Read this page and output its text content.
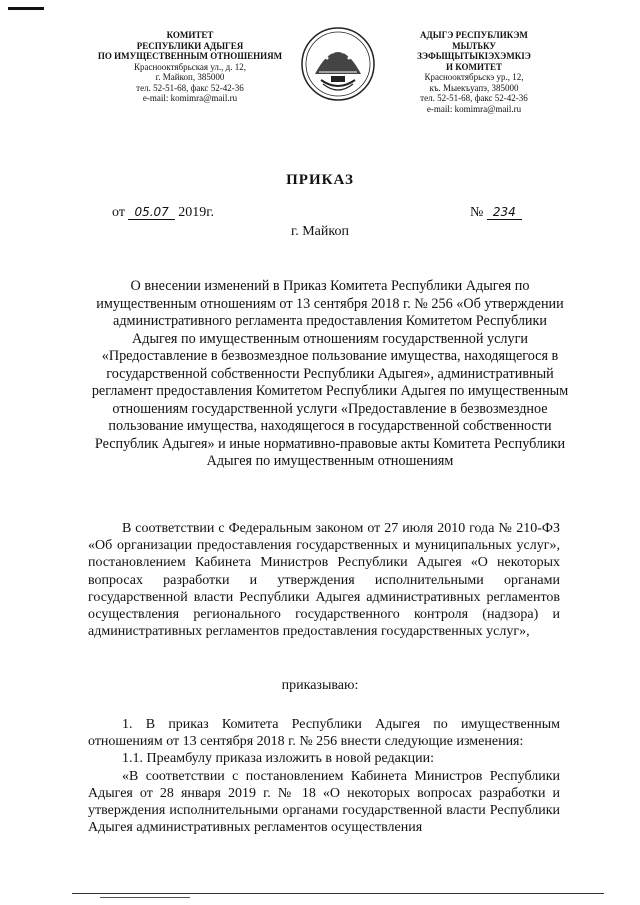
КОМИТЕТ
РЕСПУБЛИКИ АДЫГЕЯ
ПО ИМУЩЕСТВЕННЫМ ОТНОШЕНИЯМ
Краснооктябрьская ул., д. 12,
г. Майкоп, 385000
тел. 52-51-68, факс 52-42-36
e-mail: komimra@mail.ru
АДЫГЭ РЕСПУБЛИКЭМ
МЫЛЪКУ ЗЭФЫЩЫТЫКІЭХЭМКІЭ
И КОМИТЕТ
Краснооктябрьскэ ур., 12,
къ. Мыекъуапэ, 385000
тел. 52-51-68, факс 52-42-36
e-mail: komimra@mail.ru
ПРИКАЗ
от 05.07 2019г.	№ 234
г. Майкоп
О внесении изменений в Приказ Комитета Республики Адыгея по имущественным отношениям от 13 сентября 2018 г. № 256 «Об утверждении административного регламента предоставления Комитетом Республики Адыгея по имущественным отношениям государственной услуги «Предоставление в безвозмездное пользование имущества, находящегося в государственной собственности Республики Адыгея», административный регламент предоставления Комитетом Республики Адыгея по имущественным отношениям государственной услуги «Предоставление в безвозмездное пользование имущества, находящегося в государственной собственности Республик Адыгея» и иные нормативно-правовые акты Комитета Республики Адыгея по имущественным отношениям
В соответствии с Федеральным законом от 27 июля 2010 года № 210-ФЗ «Об организации предоставления государственных и муниципальных услуг», постановлением Кабинета Министров Республики Адыгея «О некоторых вопросах разработки и утверждения исполнительными органами государственной власти Республики Адыгея административных регламентов осуществления регионального государственного контроля (надзора) и административных регламентов предоставления государственных услуг»,
приказываю:
1. В приказ Комитета Республики Адыгея по имущественным отношениям от 13 сентября 2018 г. № 256 внести следующие изменения:
1.1. Преамбулу приказа изложить в новой редакции:
«В соответствии с постановлением Кабинета Министров Республики Адыгея от 28 января 2019 г. № 18 «О некоторых вопросах разработки и утверждения исполнительными органами государственной власти Республики Адыгея административных регламентов осуществления
